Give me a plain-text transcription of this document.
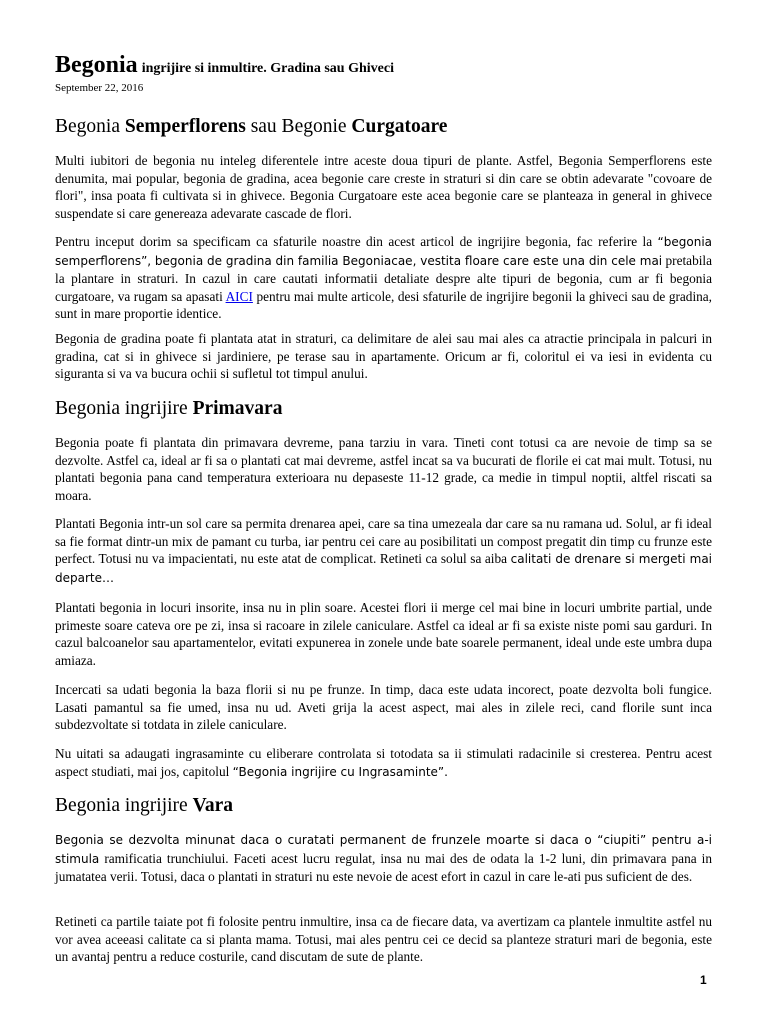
Begonia ingrijire si inmultire. Gradina sau Ghiveci
September 22, 2016
Begonia Semperflorens sau Begonie Curgatoare

Multi iubitori de begonia nu inteleg diferentele intre aceste doua tipuri de plante. Astfel, Begonia Semperflorens este denumita, mai popular, begonia de gradina, acea begonie care creste in straturi si din care se obtin adevarate "covoare de flori", insa poata fi cultivata si in ghivece. Begonia Curgatoare este acea begonie care se planteaza in general in ghivece suspendate si care genereaza adevarate cascade de flori.

Pentru inceput dorim sa specificam ca sfaturile noastre din acest articol de ingrijire begonia, fac referire la “begonia semperflorens”, begonia de gradina din familia Begoniacae, vestita floare care este una din cele mai pretabila la plantare in straturi. In cazul in care cautati informatii detaliate despre alte tipuri de begonia, cum ar fi begonia curgatoare, va rugam sa apasati AICI pentru mai multe articole, desi sfaturile de ingrijire begonii la ghiveci sau de gradina, sunt in mare proportie identice.

Begonia de gradina poate fi plantata atat in straturi, ca delimitare de alei sau mai ales ca atractie principala in palcuri in gradina, cat si in ghivece si jardiniere, pe terase sau in apartamente. Oricum ar fi, coloritul ei va iesi in evidenta cu siguranta si va va bucura ochii si sufletul tot timpul anului.

Begonia ingrijire Primavara

Begonia poate fi plantata din primavara devreme, pana tarziu in vara. Tineti cont totusi ca are nevoie de timp sa se dezvolte. Astfel ca, ideal ar fi sa o plantati cat mai devreme, astfel incat sa va bucurati de florile ei cat mai mult. Totusi, nu plantati begonia pana cand temperatura exterioara nu depaseste 11-12 grade, ca medie in timpul noptii, altfel riscati sa moara.

Plantati Begonia intr-un sol care sa permita drenarea apei, care sa tina umezeala dar care sa nu ramana ud. Solul, ar fi ideal sa fie format dintr-un mix de pamant cu turba, iar pentru cei care au posibilitati un compost pregatit din timp cu frunze este perfect. Totusi nu va impacientati, nu este atat de complicat. Retineti ca solul sa aiba calitati de drenare si mergeti mai departe…

Plantati begonia in locuri insorite, insa nu in plin soare. Acestei flori ii merge cel mai bine in locuri umbrite partial, unde primeste soare cateva ore pe zi, insa si racoare in zilele caniculare. Astfel ca ideal ar fi sa existe niste pomi sau garduri. In cazul balcoanelor sau apartamentelor, evitati expunerea in zonele unde bate soarele permanent, ideal unde este umbra dupa amiaza.

Incercati sa udati begonia la baza florii si nu pe frunze. In timp, daca este udata incorect, poate dezvolta boli fungice. Lasati pamantul sa fie umed, insa nu ud. Aveti grija la acest aspect, mai ales in zilele reci, cand florile sunt inca subdezvoltate si totdata in zilele caniculare.

Nu uitati sa adaugati ingrasaminte cu eliberare controlata si totodata sa ii stimulati radacinile si cresterea. Pentru acest aspect studiati, mai jos, capitolul “Begonia ingrijire cu Ingrasaminte”.

Begonia ingrijire Vara

Begonia se dezvolta minunat daca o curatati permanent de frunzele moarte si daca o “ciupiti” pentru a-i stimula ramificatia trunchiului. Faceti acest lucru regulat, insa nu mai des de odata la 1-2 luni, din primavara pana in jumatatea verii. Totusi, daca o plantati in straturi nu este nevoie de acest efort in cazul in care le-ati pus suficient de des.

Retineti ca partile taiate pot fi folosite pentru inmultire, insa ca de fiecare data, va avertizam ca plantele inmultite astfel nu vor avea aceeasi calitate ca si planta mama. Totusi, mai ales pentru cei ce decid sa planteze straturi mari de begonia, este un avantaj pentru a reduce costurile, cand discutam de sute de plante.

1
